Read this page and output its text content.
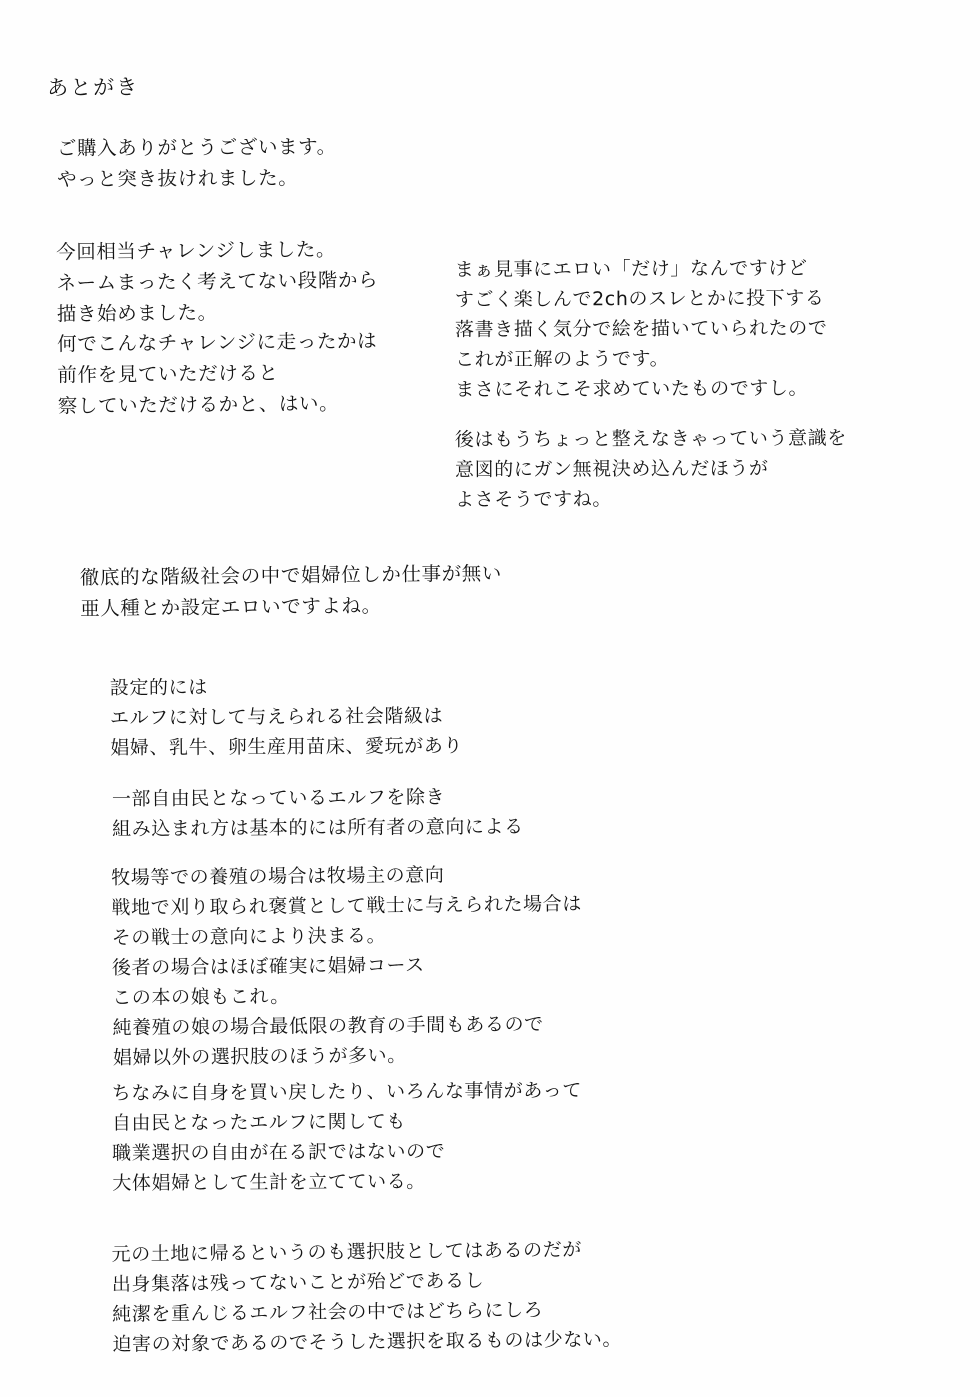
あとがき
ご購入ありがとうございます。
やっと突き抜けれました。
今回相当チャレンジしました。
ネームまったく考えてない段階から
描き始めました。
何でこんなチャレンジに走ったかは
前作を見ていただけると
察していただけるかと、はい。
まぁ見事にエロい「だけ」なんですけど
すごく楽しんで2chのスレとかに投下する
落書き描く気分で絵を描いていられたので
これが正解のようです。
まさにそれこそ求めていたものですし。
後はもうちょっと整えなきゃっていう意識を
意図的にガン無視決め込んだほうが
よさそうですね。
徹底的な階級社会の中で娼婦位しか仕事が無い
亜人種とか設定エロいですよね。
設定的には
エルフに対して与えられる社会階級は
娼婦、乳牛、卵生産用苗床、愛玩があり
一部自由民となっているエルフを除き
組み込まれ方は基本的には所有者の意向による
牧場等での養殖の場合は牧場主の意向
戦地で刈り取られ褒賞として戦士に与えられた場合は
その戦士の意向により決まる。
後者の場合はほぼ確実に娼婦コース
この本の娘もこれ。
純養殖の娘の場合最低限の教育の手間もあるので
娼婦以外の選択肢のほうが多い。
ちなみに自身を買い戻したり、いろんな事情があって
自由民となったエルフに関しても
職業選択の自由が在る訳ではないので
大体娼婦として生計を立てている。
元の土地に帰るというのも選択肢としてはあるのだが
出身集落は残ってないことが殆どであるし
純潔を重んじるエルフ社会の中ではどちらにしろ
迫害の対象であるのでそうした選択を取るものは少ない。
